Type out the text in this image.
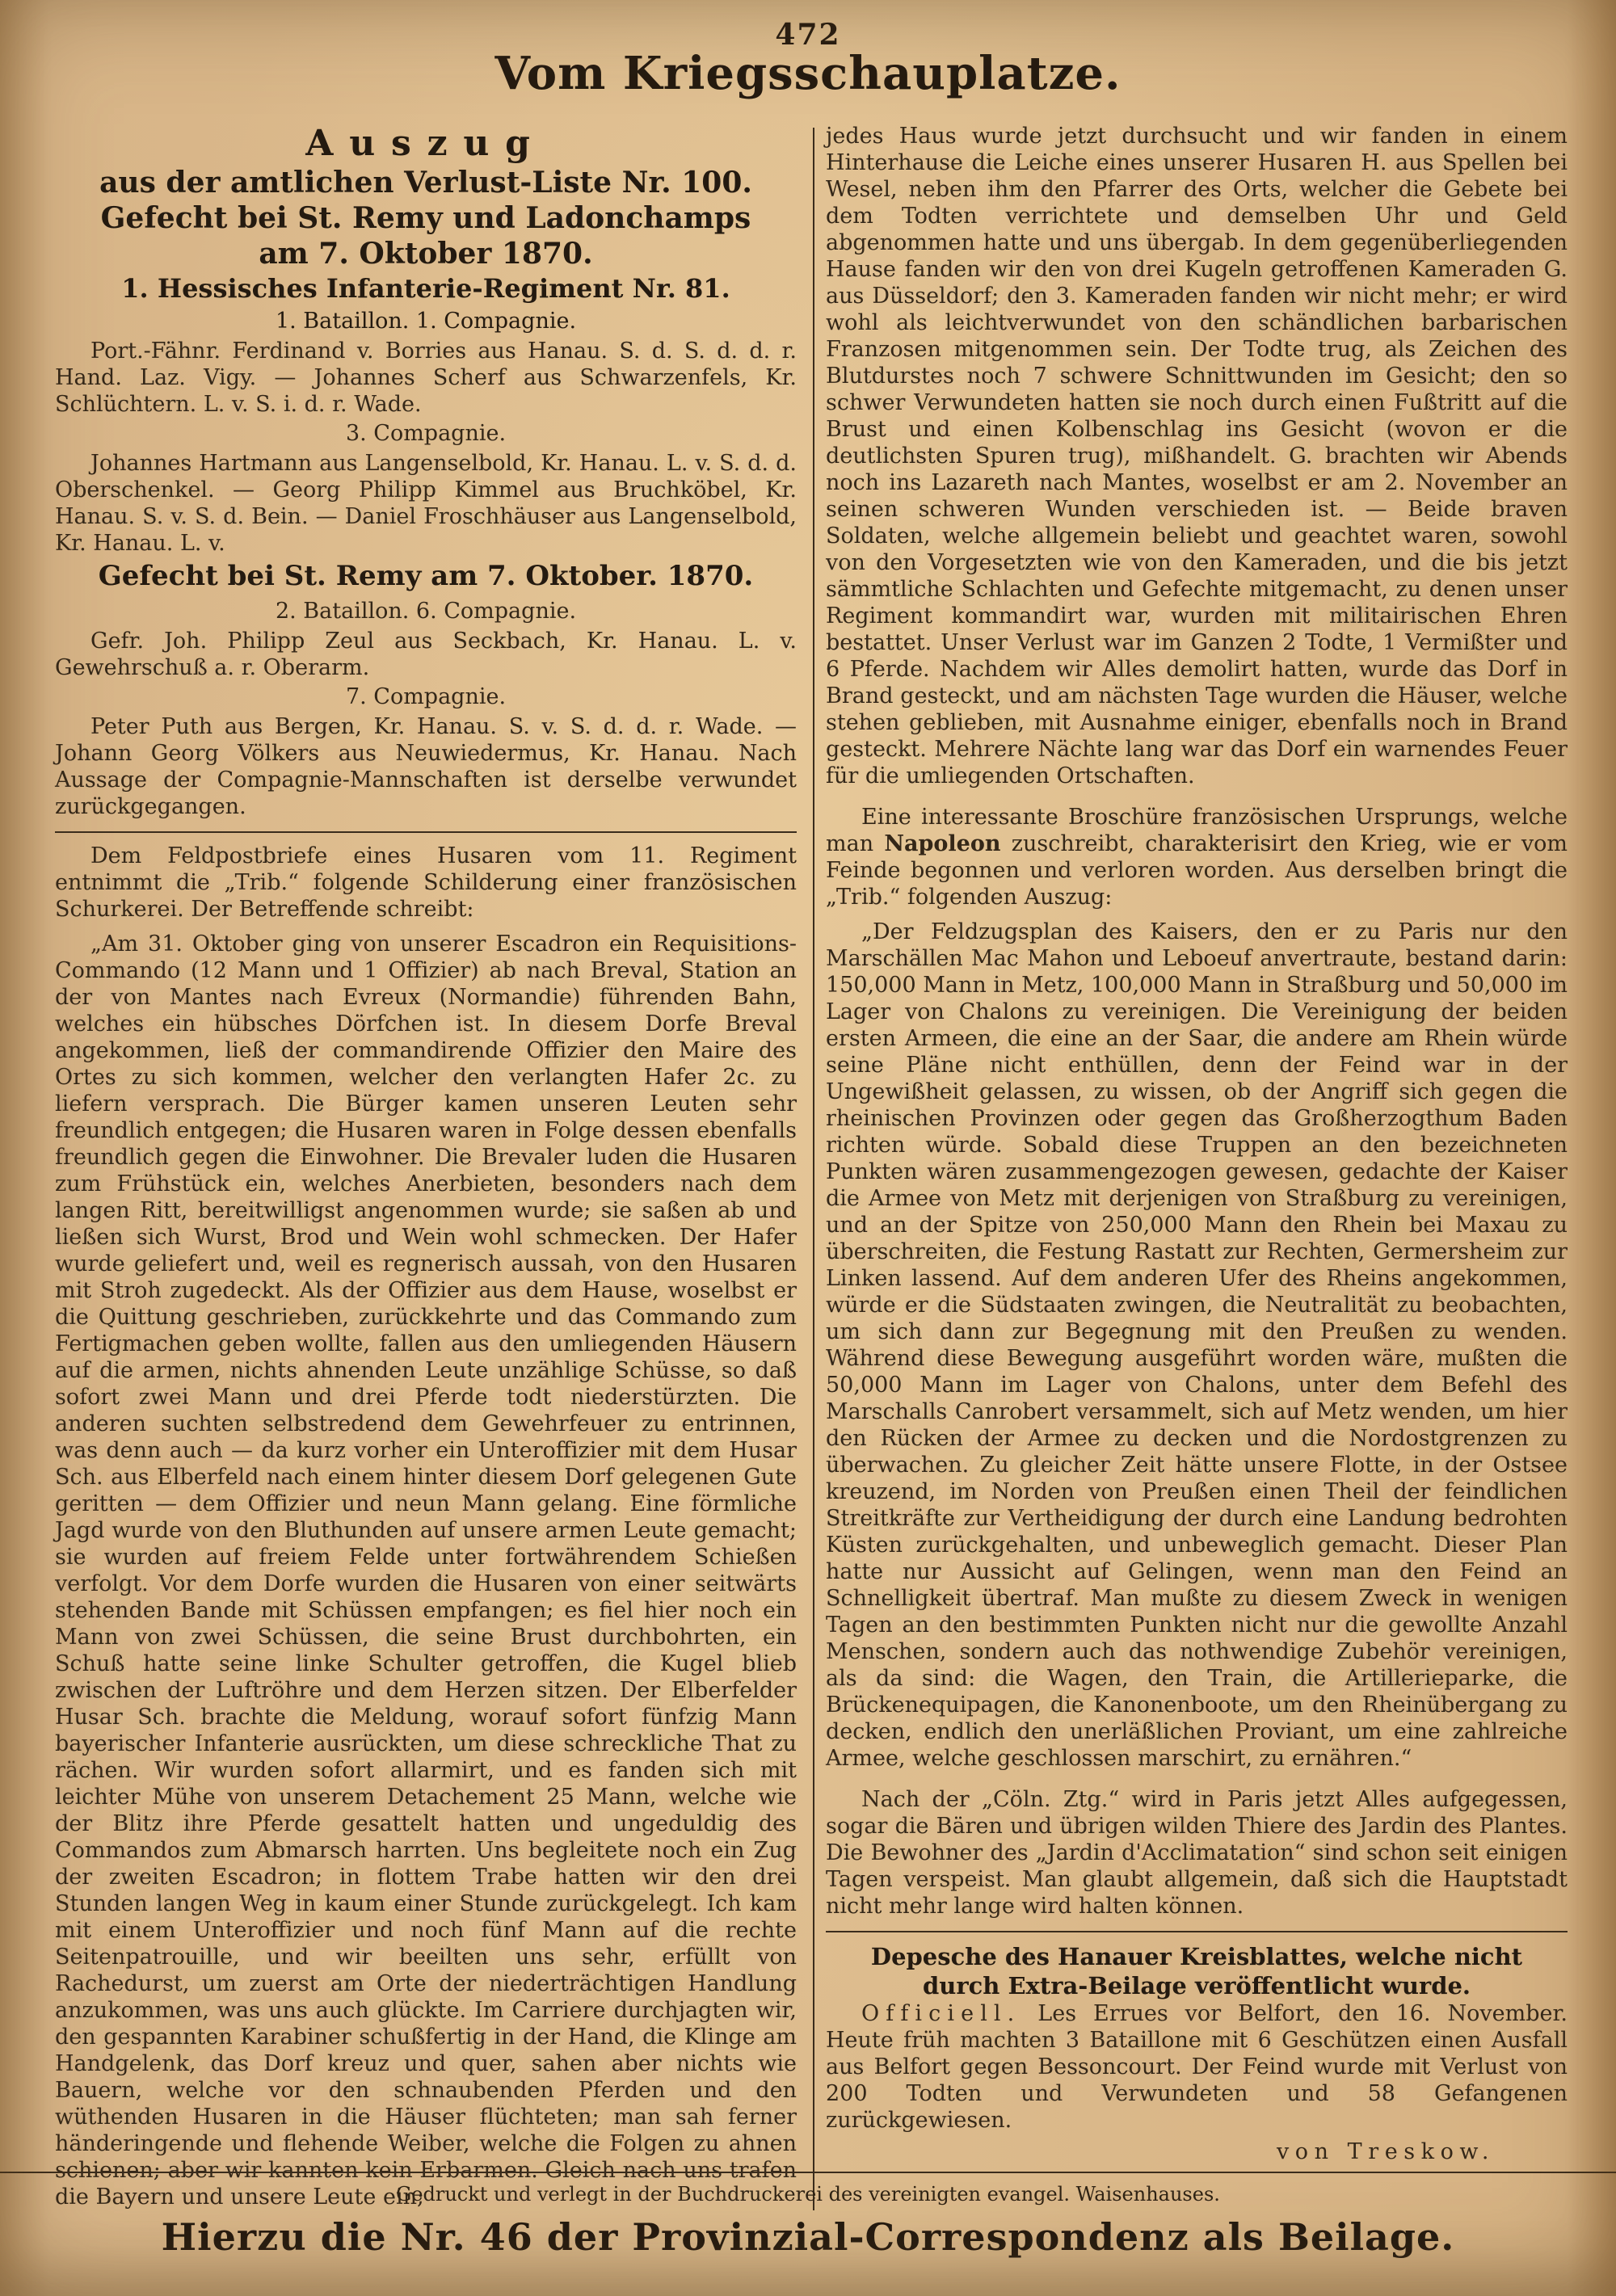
472
Vom Kriegsschauplatze.
Auszug
aus der amtlichen Verlust-Liste Nr. 100.
Gefecht bei St. Remy und Ladonchamps
am 7. Oktober 1870.
1. Hessisches Infanterie-Regiment Nr. 81.
1. Bataillon. 1. Compagnie.

Port.-Fähnr. Ferdinand v. Borries aus Hanau. S. d. S. d. d. r. Hand. Laz. Vigy. — Johannes Scherf aus Schwarzenfels, Kr. Schlüchtern. L. v. S. i. d. r. Wade.

3. Compagnie.

Johannes Hartmann aus Langenselbold, Kr. Hanau. L. v. S. d. d. Oberschenkel. — Georg Philipp Kimmel aus Bruchköbel, Kr. Hanau. S. v. S. d. Bein. — Daniel Froschhäuser aus Langenselbold, Kr. Hanau. L. v.

Gefecht bei St. Remy am 7. Oktober. 1870.
2. Bataillon. 6. Compagnie.

Gefr. Joh. Philipp Zeul aus Seckbach, Kr. Hanau. L. v. Gewehrschuß a. r. Oberarm.

7. Compagnie.

Peter Puth aus Bergen, Kr. Hanau. S. v. S. d. d. r. Wade. — Johann Georg Völkers aus Neuwiedermus, Kr. Hanau. Nach Aussage der Compagnie-Mannschaften ist derselbe verwundet zurückgegangen.

Dem Feldpostbriefe eines Husaren vom 11. Regiment entnimmt die „Trib.“ folgende Schilderung einer französischen Schurkerei. Der Betreffende schreibt:

„Am 31. Oktober ging von unserer Escadron ein Requisitions-Commando (12 Mann und 1 Offizier) ab nach Breval, Station an der von Mantes nach Evreux (Normandie) führenden Bahn, welches ein hübsches Dörfchen ist. In diesem Dorfe Breval angekommen, ließ der commandirende Offizier den Maire des Ortes zu sich kommen, welcher den verlangten Hafer 2c. zu liefern versprach. Die Bürger kamen unseren Leuten sehr freundlich entgegen; die Husaren waren in Folge dessen ebenfalls freundlich gegen die Einwohner. Die Brevaler luden die Husaren zum Frühstück ein, welches Anerbieten, besonders nach dem langen Ritt, bereitwilligst angenommen wurde; sie saßen ab und ließen sich Wurst, Brod und Wein wohl schmecken. Der Hafer wurde geliefert und, weil es regnerisch aussah, von den Husaren mit Stroh zugedeckt. Als der Offizier aus dem Hause, woselbst er die Quittung geschrieben, zurückkehrte und das Commando zum Fertigmachen geben wollte, fallen aus den umliegenden Häusern auf die armen, nichts ahnenden Leute unzählige Schüsse, so daß sofort zwei Mann und drei Pferde todt niederstürzten. Die anderen suchten selbstredend dem Gewehrfeuer zu entrinnen, was denn auch — da kurz vorher ein Unteroffizier mit dem Husar Sch. aus Elberfeld nach einem hinter diesem Dorf gelegenen Gute geritten — dem Offizier und neun Mann gelang. Eine förmliche Jagd wurde von den Bluthunden auf unsere armen Leute gemacht; sie wurden auf freiem Felde unter fortwährendem Schießen verfolgt. Vor dem Dorfe wurden die Husaren von einer seitwärts stehenden Bande mit Schüssen empfangen; es fiel hier noch ein Mann von zwei Schüssen, die seine Brust durchbohrten, ein Schuß hatte seine linke Schulter getroffen, die Kugel blieb zwischen der Luftröhre und dem Herzen sitzen. Der Elberfelder Husar Sch. brachte die Meldung, worauf sofort fünfzig Mann bayerischer Infanterie ausrückten, um diese schreckliche That zu rächen. Wir wurden sofort allarmirt, und es fanden sich mit leichter Mühe von unserem Detachement 25 Mann, welche wie der Blitz ihre Pferde gesattelt hatten und ungeduldig des Commandos zum Abmarsch harrten. Uns begleitete noch ein Zug der zweiten Escadron; in flottem Trabe hatten wir den drei Stunden langen Weg in kaum einer Stunde zurückgelegt. Ich kam mit einem Unteroffizier und noch fünf Mann auf die rechte Seitenpatrouille, und wir beeilten uns sehr, erfüllt von Rachedurst, um zuerst am Orte der niederträchtigen Handlung anzukommen, was uns auch glückte. Im Carriere durchjagten wir, den gespannten Karabiner schußfertig in der Hand, die Klinge am Handgelenk, das Dorf kreuz und quer, sahen aber nichts wie Bauern, welche vor den schnaubenden Pferden und den wüthenden Husaren in die Häuser flüchteten; man sah ferner händeringende und flehende Weiber, welche die Folgen zu ahnen schienen; aber wir kannten kein Erbarmen. Gleich nach uns trafen die Bayern und unsere Leute ein;

jedes Haus wurde jetzt durchsucht und wir fanden in einem Hinterhause die Leiche eines unserer Husaren H. aus Spellen bei Wesel, neben ihm den Pfarrer des Orts, welcher die Gebete bei dem Todten verrichtete und demselben Uhr und Geld abgenommen hatte und uns übergab. In dem gegenüberliegenden Hause fanden wir den von drei Kugeln getroffenen Kameraden G. aus Düsseldorf; den 3. Kameraden fanden wir nicht mehr; er wird wohl als leichtverwundet von den schändlichen barbarischen Franzosen mitgenommen sein. Der Todte trug, als Zeichen des Blutdurstes noch 7 schwere Schnittwunden im Gesicht; den so schwer Verwundeten hatten sie noch durch einen Fußtritt auf die Brust und einen Kolbenschlag ins Gesicht (wovon er die deutlichsten Spuren trug), mißhandelt. G. brachten wir Abends noch ins Lazareth nach Mantes, woselbst er am 2. November an seinen schweren Wunden verschieden ist. — Beide braven Soldaten, welche allgemein beliebt und geachtet waren, sowohl von den Vorgesetzten wie von den Kameraden, und die bis jetzt sämmtliche Schlachten und Gefechte mitgemacht, zu denen unser Regiment kommandirt war, wurden mit militairischen Ehren bestattet. Unser Verlust war im Ganzen 2 Todte, 1 Vermißter und 6 Pferde. Nachdem wir Alles demolirt hatten, wurde das Dorf in Brand gesteckt, und am nächsten Tage wurden die Häuser, welche stehen geblieben, mit Ausnahme einiger, ebenfalls noch in Brand gesteckt. Mehrere Nächte lang war das Dorf ein warnendes Feuer für die umliegenden Ortschaften.

Eine interessante Broschüre französischen Ursprungs, welche man Napoleon zuschreibt, charakterisirt den Krieg, wie er vom Feinde begonnen und verloren worden. Aus derselben bringt die „Trib.“ folgenden Auszug:

„Der Feldzugsplan des Kaisers, den er zu Paris nur den Marschällen Mac Mahon und Leboeuf anvertraute, bestand darin: 150,000 Mann in Metz, 100,000 Mann in Straßburg und 50,000 im Lager von Chalons zu vereinigen. Die Vereinigung der beiden ersten Armeen, die eine an der Saar, die andere am Rhein würde seine Pläne nicht enthüllen, denn der Feind war in der Ungewißheit gelassen, zu wissen, ob der Angriff sich gegen die rheinischen Provinzen oder gegen das Großherzogthum Baden richten würde. Sobald diese Truppen an den bezeichneten Punkten wären zusammengezogen gewesen, gedachte der Kaiser die Armee von Metz mit derjenigen von Straßburg zu vereinigen, und an der Spitze von 250,000 Mann den Rhein bei Maxau zu überschreiten, die Festung Rastatt zur Rechten, Germersheim zur Linken lassend. Auf dem anderen Ufer des Rheins angekommen, würde er die Südstaaten zwingen, die Neutralität zu beobachten, um sich dann zur Begegnung mit den Preußen zu wenden. Während diese Bewegung ausgeführt worden wäre, mußten die 50,000 Mann im Lager von Chalons, unter dem Befehl des Marschalls Canrobert versammelt, sich auf Metz wenden, um hier den Rücken der Armee zu decken und die Nordostgrenzen zu überwachen. Zu gleicher Zeit hätte unsere Flotte, in der Ostsee kreuzend, im Norden von Preußen einen Theil der feindlichen Streitkräfte zur Vertheidigung der durch eine Landung bedrohten Küsten zurückgehalten, und unbeweglich gemacht. Dieser Plan hatte nur Aussicht auf Gelingen, wenn man den Feind an Schnelligkeit übertraf. Man mußte zu diesem Zweck in wenigen Tagen an den bestimmten Punkten nicht nur die gewollte Anzahl Menschen, sondern auch das nothwendige Zubehör vereinigen, als da sind: die Wagen, den Train, die Artillerieparke, die Brückenequipagen, die Kanonenboote, um den Rheinübergang zu decken, endlich den unerläßlichen Proviant, um eine zahlreiche Armee, welche geschlossen marschirt, zu ernähren.“

Nach der „Cöln. Ztg.“ wird in Paris jetzt Alles aufgegessen, sogar die Bären und übrigen wilden Thiere des Jardin des Plantes. Die Bewohner des „Jardin d'Acclimatation“ sind schon seit einigen Tagen verspeist. Man glaubt allgemein, daß sich die Hauptstadt nicht mehr lange wird halten können.

Depesche des Hanauer Kreisblattes, welche nicht
durch Extra-Beilage veröffentlicht wurde.

Officiell. Les Errues vor Belfort, den 16. November. Heute früh machten 3 Bataillone mit 6 Geschützen einen Ausfall aus Belfort gegen Bessoncourt. Der Feind wurde mit Verlust von 200 Todten und Verwundeten und 58 Gefangenen zurückgewiesen.

von Treskow.
Gedruckt und verlegt in der Buchdruckerei des vereinigten evangel. Waisenhauses.
Hierzu die Nr. 46 der Provinzial-Correspondenz als Beilage.
